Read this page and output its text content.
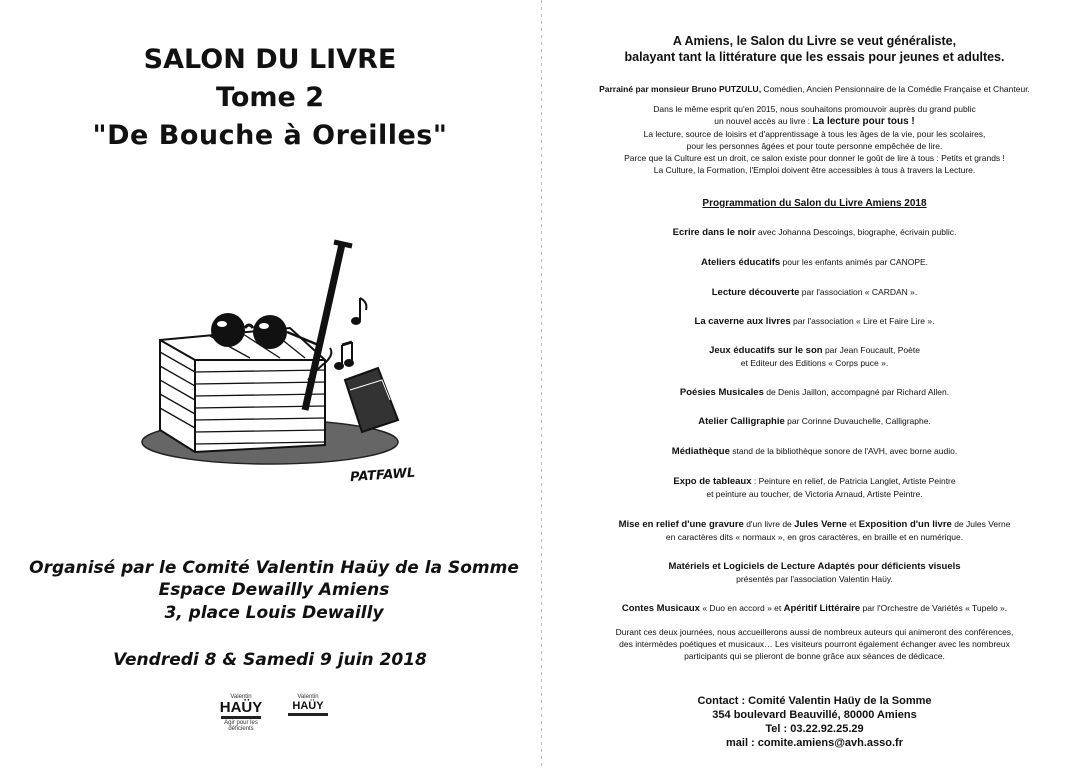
SALON DU LIVRE
Tome 2
"De Bouche à Oreilles"
PATFAWL
Organisé par le Comité Valentin Haüy de la Somme
Espace Dewailly Amiens
3, place Louis Dewailly
Vendredi 8 & Samedi 9 juin 2018
Valentin
HAÜY
Agir pour les déficients
Valentin
HAÜY
A Amiens, le Salon du Livre se veut généraliste,
balayant tant la littérature que les essais pour jeunes et adultes.
Parrainé par monsieur Bruno PUTZULU, Comédien, Ancien Pensionnaire de la Comédie Française et Chanteur.
Dans le même esprit qu'en 2015, nous souhaitons promouvoir auprès du grand public
un nouvel accès au livre : La lecture pour tous !
La lecture, source de loisirs et d'apprentissage à tous les âges de la vie, pour les scolaires,
pour les personnes âgées et pour toute personne empêchée de lire.
Parce que la Culture est un droit, ce salon existe pour donner le goût de lire à tous : Petits et grands !
La Culture, la Formation, l'Emploi doivent être accessibles à tous à travers la Lecture.
Programmation du Salon du Livre Amiens 2018
Ecrire dans le noir avec Johanna Descoings, biographe, écrivain public.
Ateliers éducatifs pour les enfants animés par CANOPE.
Lecture découverte par l'association « CARDAN ».
La caverne aux livres par l'association « Lire et Faire Lire ».
Jeux éducatifs sur le son par Jean Foucault, Poète
et Editeur des Editions « Corps puce ».
Poésies Musicales de Denis Jaillon, accompagné par Richard Allen.
Atelier Calligraphie par Corinne Duvauchelle, Calligraphe.
Médiathèque stand de la bibliothèque sonore de l'AVH, avec borne audio.
Expo de tableaux : Peinture en relief, de Patricia Langlet, Artiste Peintre
et peinture au toucher, de Victoria Arnaud, Artiste Peintre.
Mise en relief d'une gravure d'un livre de Jules Verne et Exposition d'un livre de Jules Verne
en caractères dits « normaux », en gros caractères, en braille et en numérique.
Matériels et Logiciels de Lecture Adaptés pour déficients visuels
présentés par l'association Valentin Haüy.
Contes Musicaux « Duo en accord » et Apéritif Littéraire par l'Orchestre de Variétés « Tupelo ».
Durant ces deux journées, nous accueillerons aussi de nombreux auteurs qui animeront des conférences,
des intermèdes poétiques et musicaux… Les visiteurs pourront également échanger avec les nombreux
participants qui se plieront de bonne grâce aux séances de dédicace.
Contact : Comité Valentin Haüy de la Somme
354 boulevard Beauvillé, 80000 Amiens
Tel : 03.22.92.25.29
mail : comite.amiens@avh.asso.fr
